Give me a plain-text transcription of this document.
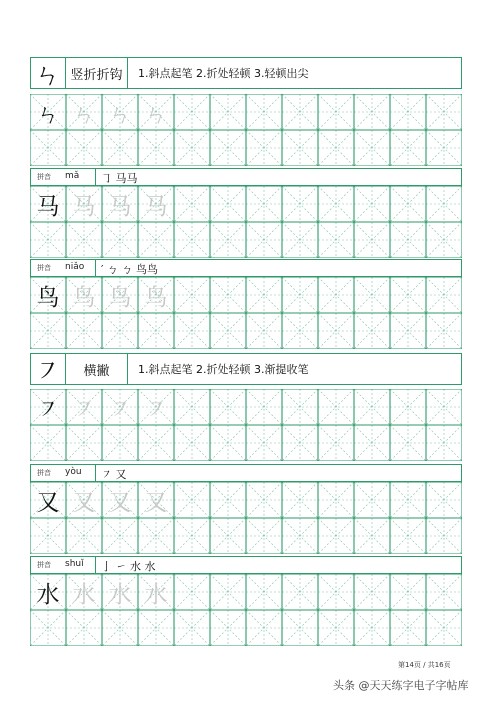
ㄣ 竖折折钩	1.斜点起笔 2.折处轻顿 3.轻顿出尖
ㄣ ㄣ ㄣ ㄣ
拼音 mǎ ㇆ 马马
马 马 马 马
拼音 niǎo ′ ㄅ ㄅ 鸟鸟
鸟 鸟 鸟 鸟
㇇	横撇	1.斜点起笔 2.折处轻顿 3.渐提收笔
㇇ ㇇ ㇇ ㇇
拼音 yòu ㇇ 又
又 又 又 又
拼音 shuǐ 亅 ㇀ 水 水
水 水 水 水
第14页 / 共16页
头条 @天天练字电子字帖库
